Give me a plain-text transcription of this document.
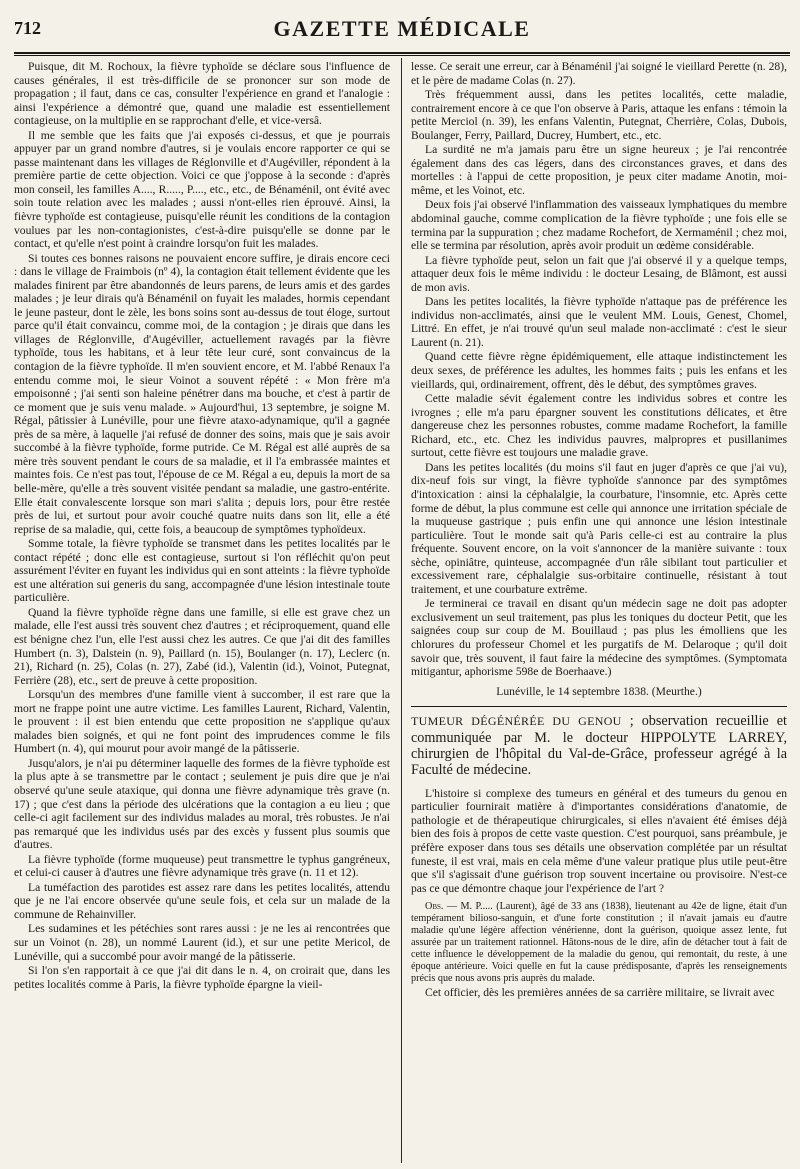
712	GAZETTE MÉDICALE

Puisque, dit M. Rochoux, la fièvre typhoïde se déclare sous l'influence de causes générales, il est très-difficile de se prononcer sur son mode de propagation ; il faut, dans ce cas, consulter l'expérience en grand et l'analogie : ainsi l'expérience a démontré que, quand une maladie est essentiellement contagieuse, on la multiplie en se rapprochant d'elle, et vice-versâ.

Il me semble que les faits que j'ai exposés ci-dessus, et que je pourrais appuyer par un grand nombre d'autres, si je voulais encore rapporter ce qui se passe maintenant dans les villages de Réglonville et d'Augéviller, répondent à la première partie de cette objection. Voici ce que j'oppose à la seconde : d'après mon conseil, les familles A...., R....., P...., etc., etc., de Bénaménil, ont évité avec soin toute relation avec les malades ; aussi n'ont-elles rien éprouvé. Ainsi, la fièvre typhoïde est contagieuse, puisqu'elle réunit les conditions de la contagion voulues par les non-contagionistes, c'est-à-dire puisqu'elle se donne par le contact, et qu'elle n'est point à craindre lorsqu'on fuit les malades.

Si toutes ces bonnes raisons ne pouvaient encore suffire, je dirais encore ceci : dans le village de Fraimbois (nº 4), la contagion était tellement évidente que les malades finirent par être abandonnés de leurs parens, de leurs amis et des gardes malades ; je leur dirais qu'à Bénaménil on fuyait les malades, hormis cependant le jeune pasteur, dont le zèle, les bons soins sont au-dessus de tout éloge, surtout parce qu'il était convaincu, comme moi, de la contagion ; je dirais que dans les villages de Réglonville, d'Augéviller, actuellement ravagés par la fièvre typhoïde, tous les habitans, et à leur tête leur curé, sont convaincus de la contagion de la fièvre typhoïde. Il m'en souvient encore, et M. l'abbé Renaux l'a entendu comme moi, le sieur Voinot a souvent répété : « Mon frère m'a empoisonné ; j'ai senti son haleine pénétrer dans ma bouche, et c'est à partir de ce moment que je suis venu malade. » Aujourd'hui, 13 septembre, je soigne M. Régal, pâtissier à Lunéville, pour une fièvre ataxo-adynamique, qu'il a gagnée près de sa mère, à laquelle j'ai refusé de donner des soins, mais que je sais avoir succombé à la fièvre typhoïde, forme putride. Ce M. Régal est allé auprès de sa mère très souvent pendant le cours de sa maladie, et il l'a embrassée maintes et maintes fois. Ce n'est pas tout, l'épouse de ce M. Régal a eu, depuis la mort de sa belle-mère, qu'elle a très souvent visitée pendant sa maladie, une gastro-entérite. Elle était convalescente lorsque son mari s'alita ; depuis lors, pour être restée près de lui, et surtout pour avoir couché quatre nuits dans son lit, elle a été reprise de sa maladie, qui, cette fois, a beaucoup de symptômes typhoïdeux.

Somme totale, la fièvre typhoïde se transmet dans les petites localités par le contact répété ; donc elle est contagieuse, surtout si l'on réfléchit qu'on peut assurément l'éviter en fuyant les individus qui en sont atteints : la fièvre typhoïde est une altération sui generis du sang, accompagnée d'une lésion intestinale toute particulière.

Quand la fièvre typhoïde règne dans une famille, si elle est grave chez un malade, elle l'est aussi très souvent chez d'autres ; et réciproquement, quand elle est bénigne chez l'un, elle l'est aussi chez les autres. Ce que j'ai dit des familles Humbert (n. 3), Dalstein (n. 9), Paillard (n. 15), Boulanger (n. 17), Leclerc (n. 21), Richard (n. 25), Colas (n. 27), Zabé (id.), Valentin (id.), Voinot, Putegnat, Ferrière (28), etc., sert de preuve à cette proposition.

Lorsqu'un des membres d'une famille vient à succomber, il est rare que la mort ne frappe point une autre victime. Les familles Laurent, Richard, Valentin, le prouvent : il est bien entendu que cette proposition ne s'applique qu'aux malades bien soignés, et qui ne font point des imprudences comme le fils Humbert (n. 4), qui mourut pour avoir mangé de la pâtisserie.

Jusqu'alors, je n'ai pu déterminer laquelle des formes de la fièvre typhoïde est la plus apte à se transmettre par le contact ; seulement je puis dire que je n'ai observé qu'une seule ataxique, qui donna une fièvre adynamique très grave (n. 17) ; que c'est dans la période des ulcérations que la contagion a eu lieu ; que celle-ci agit facilement sur des individus malades au moral, très robustes. Je n'ai pas remarqué que les individus usés par des excès y fussent plus soumis que d'autres.

La fièvre typhoïde (forme muqueuse) peut transmettre le typhus gangréneux, et celui-ci causer à d'autres une fièvre adynamique très grave (n. 11 et 12).

La tuméfaction des parotides est assez rare dans les petites localités, attendu que je ne l'ai encore observée qu'une seule fois, et cela sur un malade de la commune de Rehainviller.

Les sudamines et les pétéchies sont rares aussi : je ne les ai rencontrées que sur un Voinot (n. 28), un nommé Laurent (id.), et sur une petite Mericol, de Lunéville, qui a succombé pour avoir mangé de la pâtisserie.

Si l'on s'en rapportait à ce que j'ai dit dans le n. 4, on croirait que, dans les petites localités comme à Paris, la fièvre typhoïde épargne la vieil-

lesse. Ce serait une erreur, car à Bénaménil j'ai soigné le vieillard Perette (n. 28), et le père de madame Colas (n. 27).

Très fréquemment aussi, dans les petites localités, cette maladie, contrairement encore à ce que l'on observe à Paris, attaque les enfans : témoin la petite Merciol (n. 39), les enfans Valentin, Putegnat, Cherrière, Colas, Dubois, Boulanger, Ferry, Paillard, Ducrey, Humbert, etc., etc.

La surdité ne m'a jamais paru être un signe heureux ; je l'ai rencontrée également dans des cas légers, dans des circonstances graves, et dans des mortelles : à l'appui de cette proposition, je peux citer madame Anotin, moi-même, et les Voinot, etc.

Deux fois j'ai observé l'inflammation des vaisseaux lymphatiques du membre abdominal gauche, comme complication de la fièvre typhoïde ; une fois elle se termina par la suppuration ; chez madame Rochefort, de Xermaménil ; chez moi, elle se termina par résolution, après avoir produit un œdème considérable.

La fièvre typhoïde peut, selon un fait que j'ai observé il y a quelque temps, attaquer deux fois le même individu : le docteur Lesaing, de Blâmont, est aussi de mon avis.

Dans les petites localités, la fièvre typhoïde n'attaque pas de préférence les individus non-acclimatés, ainsi que le veulent MM. Louis, Genest, Chomel, Littré. En effet, je n'ai trouvé qu'un seul malade non-acclimaté : c'est le sieur Laurent (n. 21).

Quand cette fièvre règne épidémiquement, elle attaque indistinctement les deux sexes, de préférence les adultes, les hommes faits ; puis les enfans et les vieillards, qui, ordinairement, offrent, dès le début, des symptômes graves.

Cette maladie sévit également contre les individus sobres et contre les ivrognes ; elle m'a paru épargner souvent les constitutions délicates, et être dangereuse chez les personnes robustes, comme madame Rochefort, la famille Richard, etc., etc. Chez les individus pauvres, malpropres et pusillanimes surtout, cette fièvre est toujours une maladie grave.

Dans les petites localités (du moins s'il faut en juger d'après ce que j'ai vu), dix-neuf fois sur vingt, la fièvre typhoïde s'annonce par des symptômes d'intoxication : ainsi la céphalalgie, la courbature, l'insomnie, etc. Après cette forme de début, la plus commune est celle qui annonce une irritation spéciale de la muqueuse gastrique ; puis enfin une qui annonce une lésion intestinale particulière. Tout le monde sait qu'à Paris celle-ci est au contraire la plus fréquente. Souvent encore, on la voit s'annoncer de la manière suivante : toux sèche, opiniâtre, quinteuse, accompagnée d'un râle sibilant tout particulier et excessivement rare, céphalalgie sus-orbitaire continuelle, résistant à tout traitement, et une courbature extrême.

Je terminerai ce travail en disant qu'un médecin sage ne doit pas adopter exclusivement un seul traitement, pas plus les toniques du docteur Petit, que les saignées coup sur coup de M. Bouillaud ; pas plus les émolliens que les chlorures du professeur Chomel et les purgatifs de M. Delaroque ; qu'il doit savoir que, très souvent, il faut faire la médecine des symptômes. (Symptomata mitigantur, aphorisme 598e de Boerhaave.)

Lunéville, le 14 septembre 1838. (Meurthe.)

TUMEUR DÉGÉNÉRÉE DU GENOU ; observation recueillie et communiquée par M. le docteur HIPPOLYTE LARREY, chirurgien de l'hôpital du Val-de-Grâce, professeur agrégé à la Faculté de médecine.

L'histoire si complexe des tumeurs en général et des tumeurs du genou en particulier fournirait matière à d'importantes considérations d'anatomie, de pathologie et de thérapeutique chirurgicales, si elles n'avaient été émises déjà bien des fois à propos de cette vaste question. C'est pourquoi, sans préambule, je préfère exposer dans tous ses détails une observation complétée par un résultat funeste, il est vrai, mais en cela même d'une valeur pratique plus utile peut-être que s'il s'agissait d'une guérison trop souvent incertaine ou provisoire. N'est-ce pas ce que démontre chaque jour l'expérience de l'art ?

Obs. — M. P..... (Laurent), âgé de 33 ans (1838), lieutenant au 42e de ligne, était d'un tempérament bilioso-sanguin, et d'une forte constitution ; il n'avait jamais eu d'autre maladie qu'une légère affection vénérienne, dont la guérison, quoique assez lente, fut assurée par un traitement rationnel. Hâtons-nous de le dire, afin de détacher tout à fait de cette influence le développement de la maladie du genou, qui remontait, du reste, à une époque antérieure. Voici quelle en fut la cause prédisposante, d'après les renseignements précis que nous avons pris auprès du malade.

Cet officier, dès les premières années de sa carrière militaire, se livrait avec
